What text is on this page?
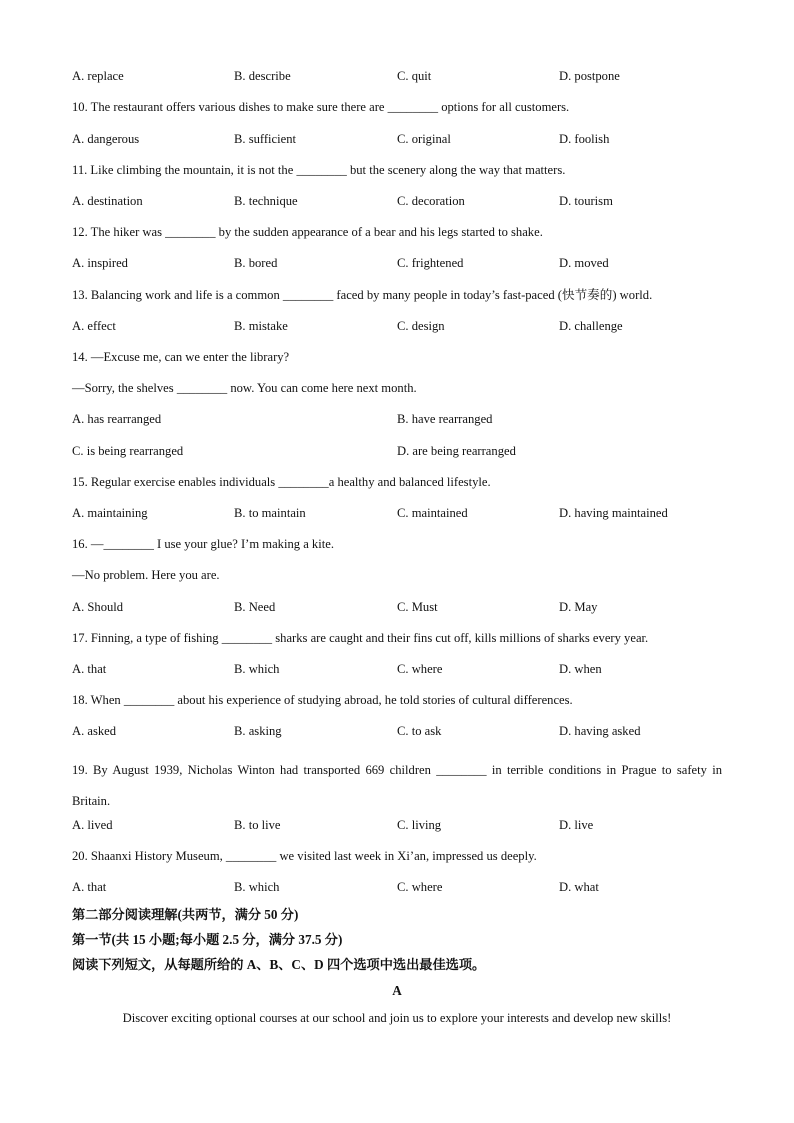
A. replace	B. describe	C. quit	D. postpone
10. The restaurant offers various dishes to make sure there are ________ options for all customers.
A. dangerous	B. sufficient	C. original	D. foolish
11. Like climbing the mountain, it is not the ________ but the scenery along the way that matters.
A. destination	B. technique	C. decoration	D. tourism
12. The hiker was ________ by the sudden appearance of a bear and his legs started to shake.
A. inspired	B. bored	C. frightened	D. moved
13. Balancing work and life is a common ________ faced by many people in today’s fast-paced (快节奏的) world.
A. effect	B. mistake	C. design	D. challenge
14. —Excuse me, can we enter the library?
—Sorry, the shelves ________ now. You can come here next month.
A. has rearranged	B. have rearranged
C. is being rearranged	D. are being rearranged
15. Regular exercise enables individuals ________a healthy and balanced lifestyle.
A. maintaining	B. to maintain	C. maintained	D. having maintained
16. —________ I use your glue? I’m making a kite.
—No problem. Here you are.
A. Should	B. Need	C. Must	D. May
17. Finning, a type of fishing ________ sharks are caught and their fins cut off, kills millions of sharks every year.
A. that	B. which	C. where	D. when
18. When ________ about his experience of studying abroad, he told stories of cultural differences.
A. asked	B. asking	C. to ask	D. having asked
19. By August 1939, Nicholas Winton had transported 669 children ________ in terrible conditions in Prague to safety in Britain.
A. lived	B. to live	C. living	D. live
20. Shaanxi History Museum, ________ we visited last week in Xi’an, impressed us deeply.
A. that	B. which	C. where	D. what
第二部分阅读理解(共两节，满分 50 分)
第一节(共 15 小题;每小题 2.5 分，满分 37.5 分)
阅读下列短文，从每题所给的 A、B、C、D 四个选项中选出最佳选项。
A
Discover exciting optional courses at our school and join us to explore your interests and develop new skills!
